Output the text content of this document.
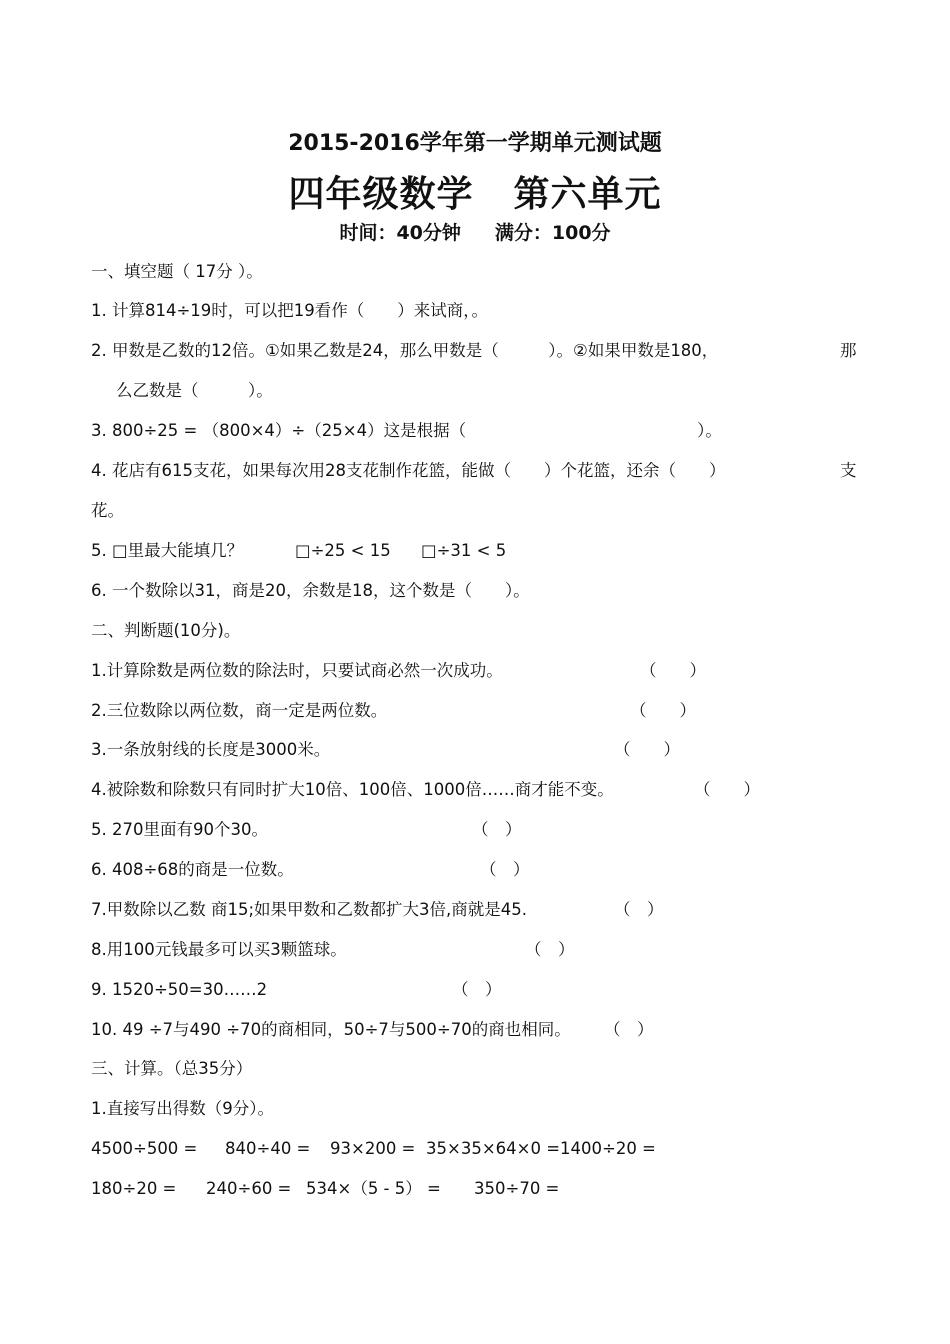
2015-2016学年第一学期单元测试题
四年级数学 第六单元
时间：40分钟 满分：100分
一、填空题（ 17分 ）。
1. 计算814÷19时，可以把19看作（　　）来试商，。
2. 甲数是乙数的12倍。①如果乙数是24，那么甲数是（　　　）。②如果甲数是180，	那
么乙数是（　　　）。
3. 800÷25 = （800×4）÷（25×4）这是根据（　　　　　　　　　　　　　　）。
4. 花店有615支花，如果每次用28支花制作花篮，能做（　　）个花篮，还余（　　）	支
花。
5. □里最大能填几？	□÷25 < 15 □÷31 < 5
6. 一个数除以31，商是20，余数是18，这个数是（　　）。
二、判断题(10分)。
1.计算除数是两位数的除法时，只要试商必然一次成功。	（　　）
2.三位数除以两位数，商一定是两位数。	（　　）
3.一条放射线的长度是3000米。	（　　）
4.被除数和除数只有同时扩大10倍、100倍、1000倍……商才能不变。	（　　）
5. 270里面有90个30。	（　）
6. 408÷68的商是一位数。	（　）
7.甲数除以乙数 商15;如果甲数和乙数都扩大3倍,商就是45.	（　）
8.用100元钱最多可以买3颗篮球。	（　）
9. 1520÷50=30……2	（　）
10. 49 ÷7与490 ÷70的商相同，50÷7与500÷70的商也相同。 （　）
三、计算。（总35分）
1.直接写出得数（9分）。
4500÷500 = 840÷40 = 93×200 = 35×35×64×0 =1400÷20 =
180÷20 = 240÷60 = 534×（5 - 5） = 350÷70 =
